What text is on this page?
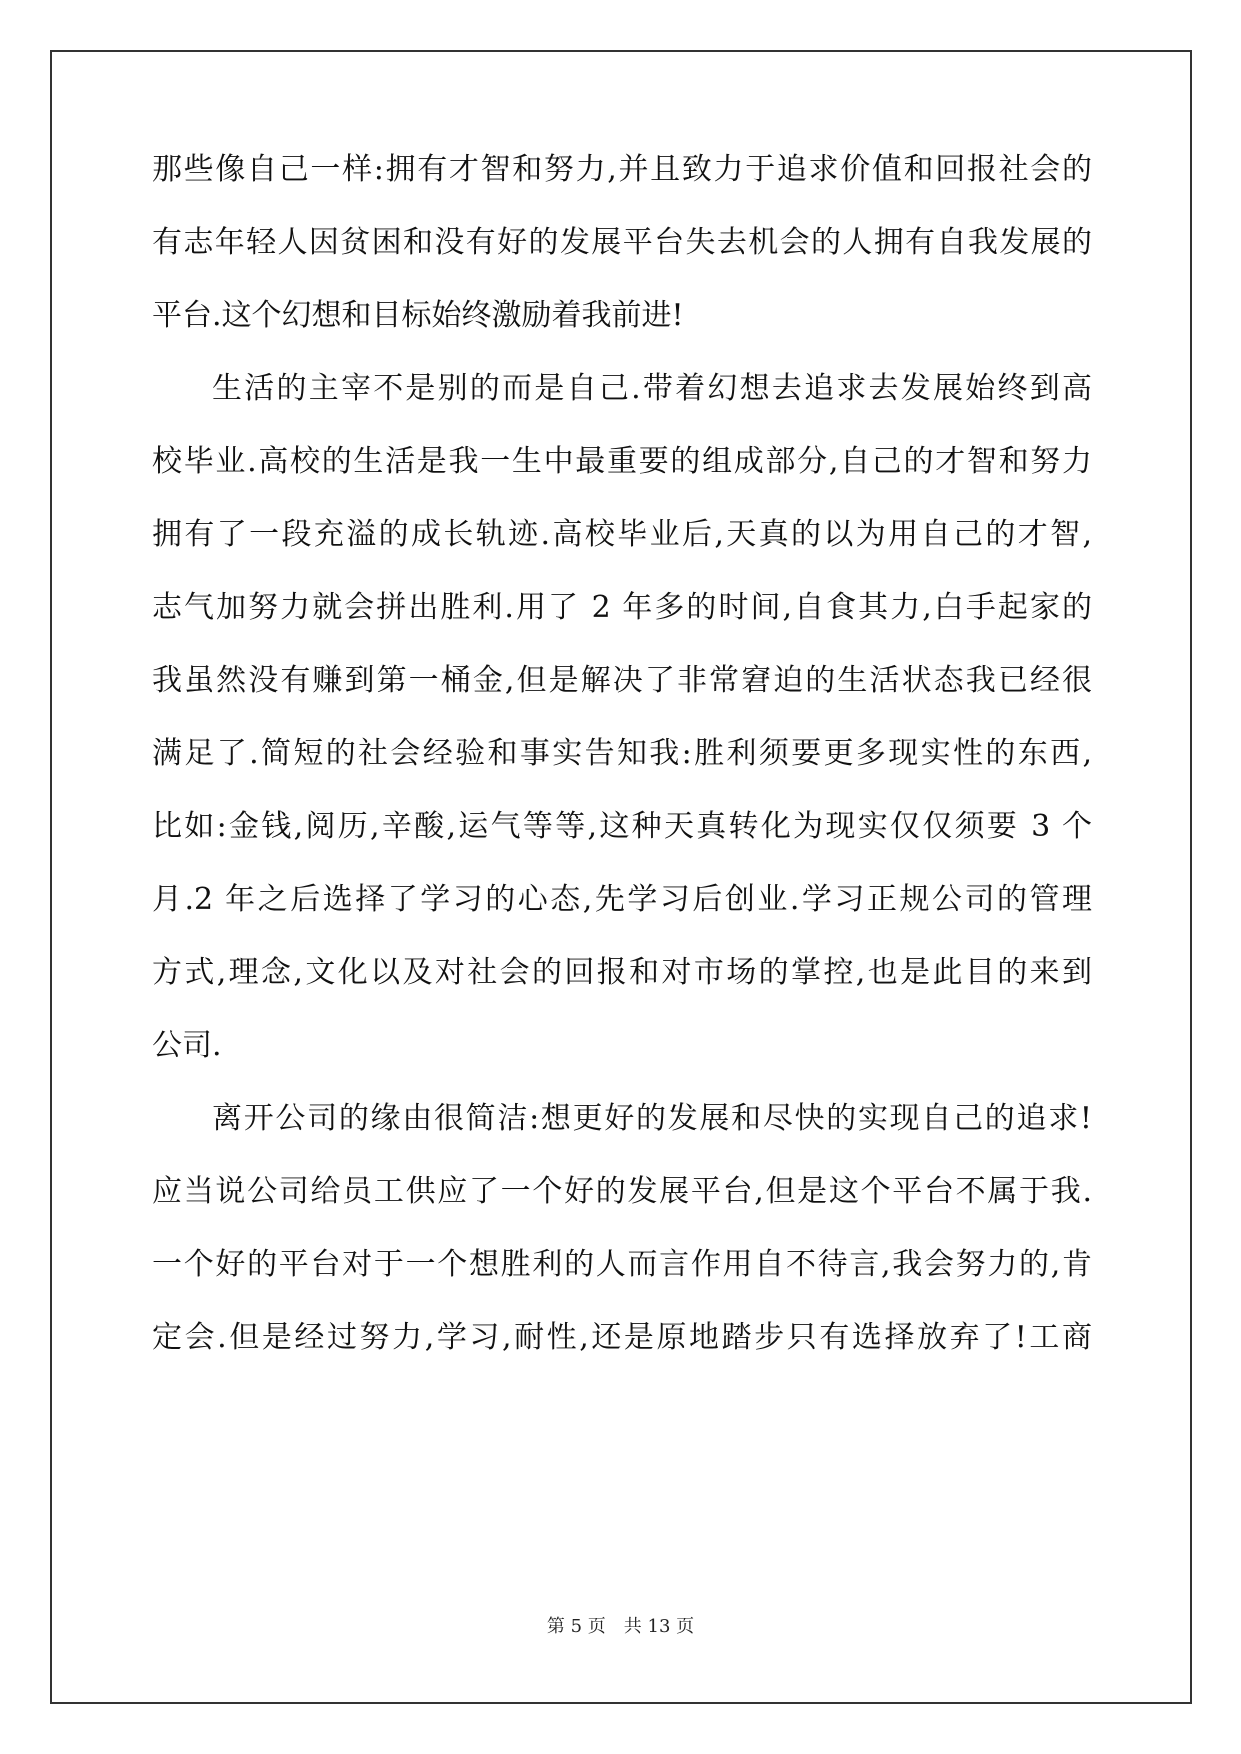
那些像自己一样:拥有才智和努力,并且致力于追求价值和回报社会的
有志年轻人因贫困和没有好的发展平台失去机会的人拥有自我发展的
平台.这个幻想和目标始终激励着我前进!
生活的主宰不是别的而是自己.带着幻想去追求去发展始终到高
校毕业.高校的生活是我一生中最重要的组成部分,自己的才智和努力
拥有了一段充溢的成长轨迹.高校毕业后,天真的以为用自己的才智,
志气加努力就会拼出胜利.用了 2 年多的时间,自食其力,白手起家的
我虽然没有赚到第一桶金,但是解决了非常窘迫的生活状态我已经很
满足了.简短的社会经验和事实告知我:胜利须要更多现实性的东西,
比如:金钱,阅历,辛酸,运气等等,这种天真转化为现实仅仅须要 3 个
月.2 年之后选择了学习的心态,先学习后创业.学习正规公司的管理
方式,理念,文化以及对社会的回报和对市场的掌控,也是此目的来到
公司.
离开公司的缘由很简洁:想更好的发展和尽快的实现自己的追求!
应当说公司给员工供应了一个好的发展平台,但是这个平台不属于我.
一个好的平台对于一个想胜利的人而言作用自不待言,我会努力的,肯
定会.但是经过努力,学习,耐性,还是原地踏步只有选择放弃了!工商
第 5 页 共 13 页
